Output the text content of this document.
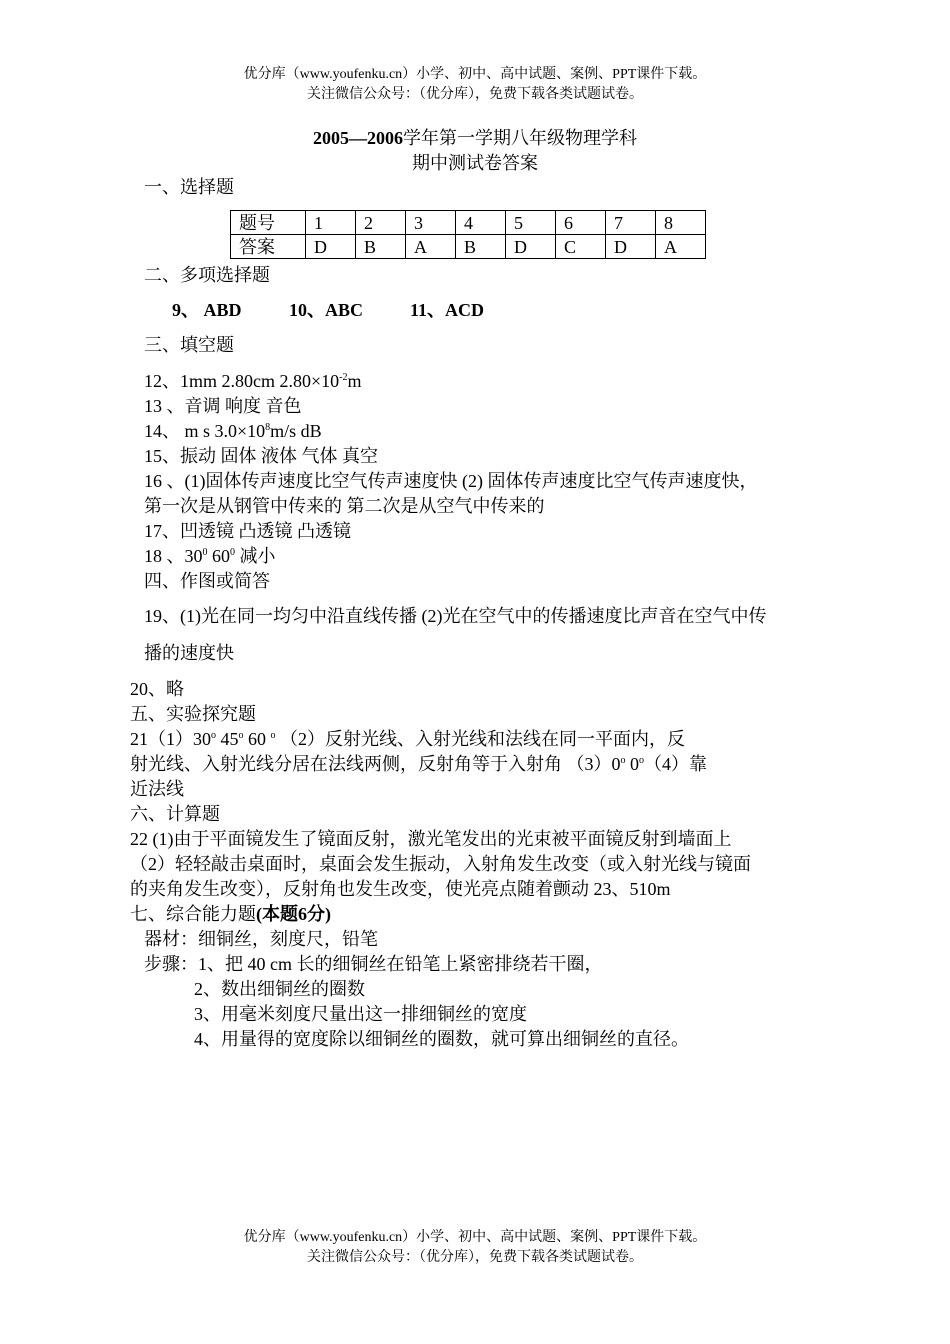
优分库（www.youfenku.cn）小学、初中、高中试题、案例、PPT课件下载。
关注微信公众号：（优分库），免费下载各类试题试卷。
2005—2006学年第一学期八年级物理学科
期中测试卷答案
一、选择题
题号	1	2	3	4	5	6	7	8
答案	D	B	A	B	D	C	D	A
二、多项选择题
9、 ABD	10、ABC	11、ACD
三、填空题
12、1mm 2.80cm $2.80\times 10^{-2}m$
13 、音调 响度 音色
14、 m s $3.0\times 10^8m/s$ dB
15、振动 固体 液体 气体 真空
16 、(1)固体传声速度比空气传声速度快 (2) 固体传声速度比空气传声速度快，
第一次是从钢管中传来的 第二次是从空气中传来的
17、凹透镜 凸透镜 凸透镜
18 、$30^0$ $60^0$ 减小
四、作图或简答
19、(1)光在同一均匀中沿直线传播 (2)光在空气中的传播速度比声音在空气中传
播的速度快
20、略
五、实验探究题
21（1）30$^o$ 45$^o$ 60 $^o$ （2）反射光线、入射光线和法线在同一平面内，反
射光线、入射光线分居在法线两侧，反射角等于入射角 （3）0$^o$ 0$^o$（4）靠
近法线
六、计算题
22 (1)由于平面镜发生了镜面反射，激光笔发出的光束被平面镜反射到墙面上
（2）轻轻敲击桌面时，桌面会发生振动，入射角发生改变（或入射光线与镜面
的夹角发生改变），反射角也发生改变，使光亮点随着颤动 23、510m
七、综合能力题(本题6分)
器材：细铜丝，刻度尺，铅笔
步骤：1、把 40 cm 长的细铜丝在铅笔上紧密排绕若干圈，
2、数出细铜丝的圈数
3、用毫米刻度尺量出这一排细铜丝的宽度
4、用量得的宽度除以细铜丝的圈数，就可算出细铜丝的直径。
优分库（www.youfenku.cn）小学、初中、高中试题、案例、PPT课件下载。
关注微信公众号：（优分库），免费下载各类试题试卷。
